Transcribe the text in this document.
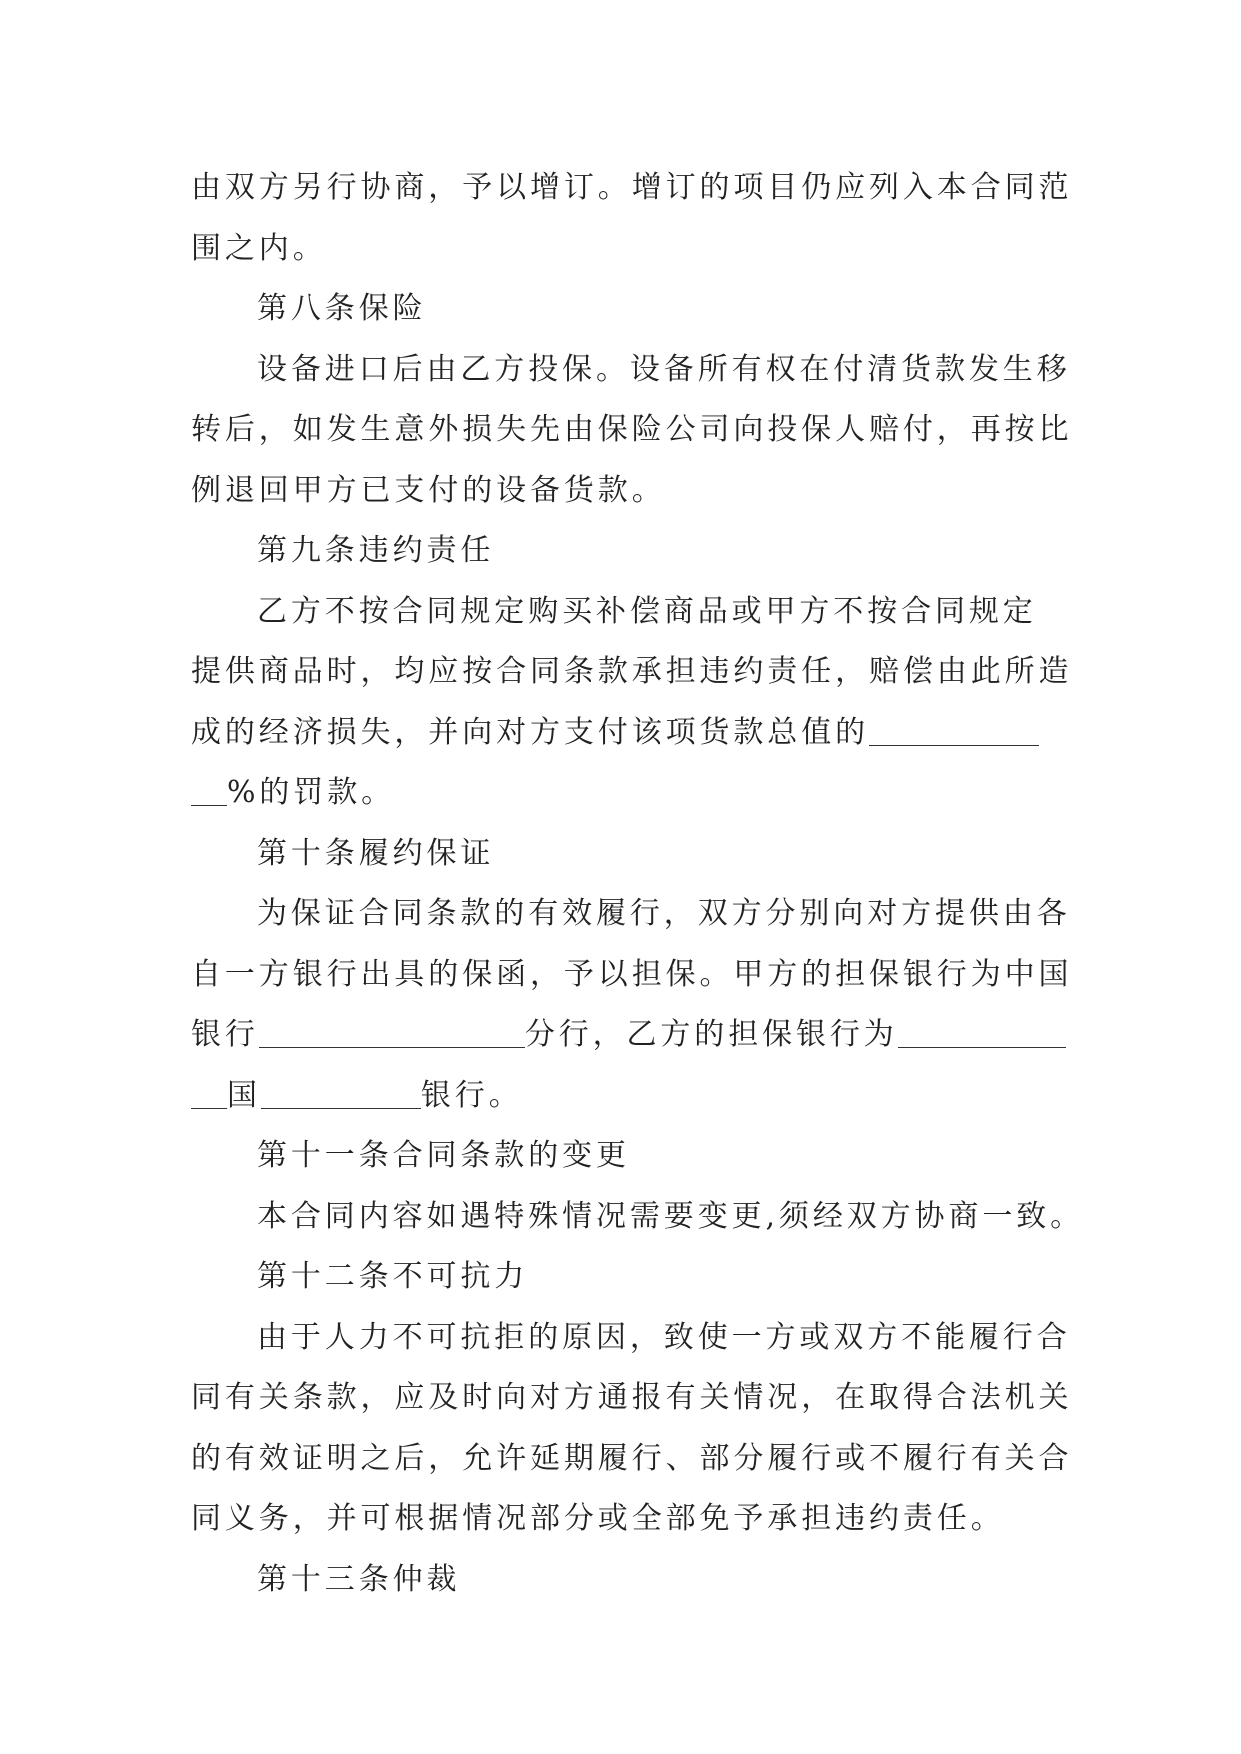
由双方另行协商，予以增订。增订的项目仍应列入本合同范
围之内。
第八条保险
设备进口后由乙方投保。设备所有权在付清货款发生移
转后，如发生意外损失先由保险公司向投保人赔付，再按比
例退回甲方已支付的设备货款。
第九条违约责任
乙方不按合同规定购买补偿商品或甲方不按合同规定
提供商品时，均应按合同条款承担违约责任，赔偿由此所造
成的经济损失，并向对方支付该项货款总值的
%的罚款。
第十条履约保证
为保证合同条款的有效履行，双方分别向对方提供由各
自一方银行出具的保函，予以担保。甲方的担保银行为中国
银行	分行，乙方的担保银行为
国	银行。
第十一条合同条款的变更
本合同内容如遇特殊情况需要变更,须经双方协商一致。
第十二条不可抗力
由于人力不可抗拒的原因，致使一方或双方不能履行合
同有关条款，应及时向对方通报有关情况，在取得合法机关
的有效证明之后，允许延期履行、部分履行或不履行有关合
同义务，并可根据情况部分或全部免予承担违约责任。
第十三条仲裁
